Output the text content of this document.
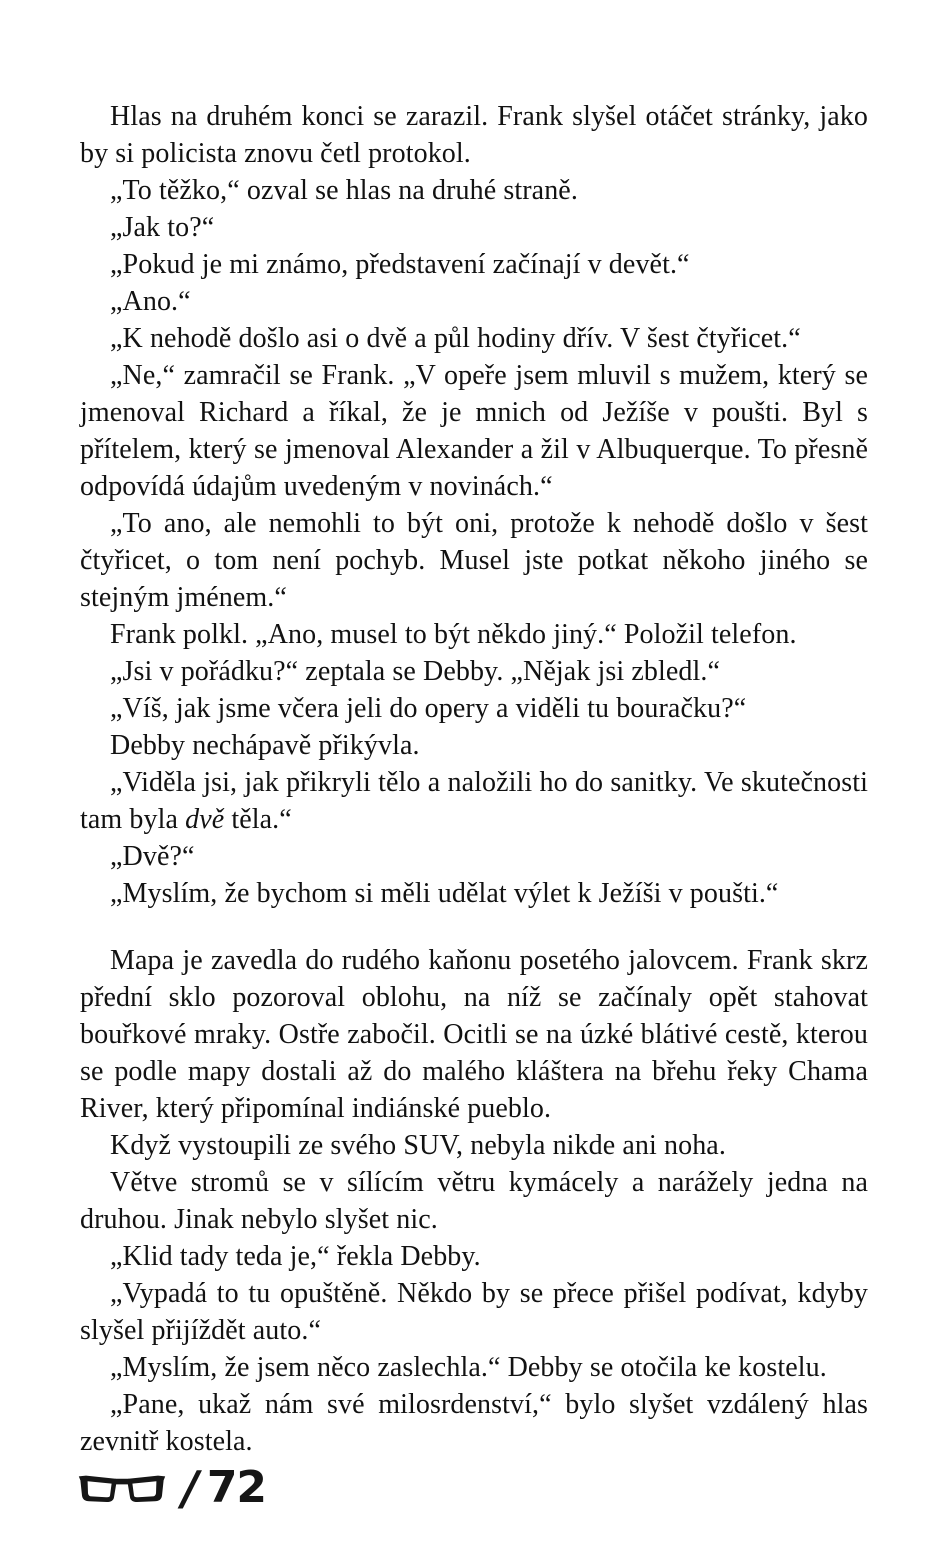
Hlas na druhém konci se zarazil. Frank slyšel otáčet stránky, jako by si policista znovu četl protokol.

„To těžko,“ ozval se hlas na druhé straně.

„Jak to?“

„Pokud je mi známo, představení začínají v devět.“

„Ano.“

„K nehodě došlo asi o dvě a půl hodiny dřív. V šest čtyřicet.“

„Ne,“ zamračil se Frank. „V opeře jsem mluvil s mužem, který se jmenoval Richard a říkal, že je mnich od Ježíše v poušti. Byl s přítelem, který se jmenoval Alexander a žil v Albuquerque. To přesně odpovídá údajům uvedeným v novinách.“

„To ano, ale nemohli to být oni, protože k nehodě došlo v šest čtyřicet, o tom není pochyb. Musel jste potkat někoho jiného se stejným jménem.“

Frank polkl. „Ano, musel to být někdo jiný.“ Položil telefon.

„Jsi v pořádku?“ zeptala se Debby. „Nějak jsi zbledl.“

„Víš, jak jsme včera jeli do opery a viděli tu bouračku?“

Debby nechápavě přikývla.

„Viděla jsi, jak přikryli tělo a naložili ho do sanitky. Ve skutečnosti tam byla dvě těla.“

„Dvě?“

„Myslím, že bychom si měli udělat výlet k Ježíši v poušti.“

Mapa je zavedla do rudého kaňonu posetého jalovcem. Frank skrz přední sklo pozoroval oblohu, na níž se začínaly opět stahovat bouřkové mraky. Ostře zabočil. Ocitli se na úzké blátivé cestě, kterou se podle mapy dostali až do malého kláštera na břehu řeky Chama River, který připomínal indiánské pueblo.

Když vystoupili ze svého SUV, nebyla nikde ani noha.

Větve stromů se v sílícím větru kymácely a narážely jedna na druhou. Jinak nebylo slyšet nic.

„Klid tady teda je,“ řekla Debby.

„Vypadá to tu opuštěně. Někdo by se přece přišel podívat, kdyby slyšel přijíždět auto.“

„Myslím, že jsem něco zaslechla.“ Debby se otočila ke kostelu.

„Pane, ukaž nám své milosrdenství,“ bylo slyšet vzdálený hlas zevnitř kostela.

/ 72
